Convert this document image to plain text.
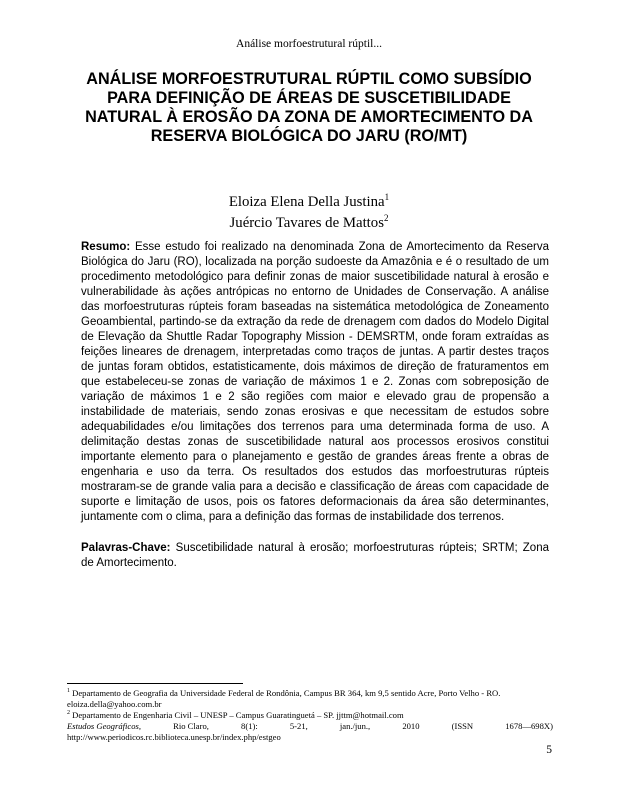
Análise morfoestrutural rúptil...
ANÁLISE MORFOESTRUTURAL RÚPTIL COMO SUBSÍDIO PARA DEFINIÇÃO DE ÁREAS DE SUSCETIBILIDADE NATURAL À EROSÃO DA ZONA DE AMORTECIMENTO DA RESERVA BIOLÓGICA DO JARU (RO/MT)
Eloiza Elena Della Justina$^1$
Juércio Tavares de Mattos$^2$
Resumo: Esse estudo foi realizado na denominada Zona de Amortecimento da Reserva Biológica do Jaru (RO), localizada na porção sudoeste da Amazônia e é o resultado de um procedimento metodológico para definir zonas de maior suscetibilidade natural à erosão e vulnerabilidade às ações antrópicas no entorno de Unidades de Conservação. A análise das morfoestruturas rúpteis foram baseadas na sistemática metodológica de Zoneamento Geoambiental, partindo-se da extração da rede de drenagem com dados do Modelo Digital de Elevação da Shuttle Radar Topography Mission - DEMSRTM, onde foram extraídas as feições lineares de drenagem, interpretadas como traços de juntas. A partir destes traços de juntas foram obtidos, estatisticamente, dois máximos de direção de fraturamentos em que estabeleceu-se zonas de variação de máximos 1 e 2. Zonas com sobreposição de variação de máximos 1 e 2 são regiões com maior e elevado grau de propensão a instabilidade de materiais, sendo zonas erosivas e que necessitam de estudos sobre adequabilidades e/ou limitações dos terrenos para uma determinada forma de uso. A delimitação destas zonas de suscetibilidade natural aos processos erosivos constitui importante elemento para o planejamento e gestão de grandes áreas frente a obras de engenharia e uso da terra. Os resultados dos estudos das morfoestruturas rúpteis mostraram-se de grande valia para a decisão e classificação de áreas com capacidade de suporte e limitação de usos, pois os fatores deformacionais da área são determinantes, juntamente com o clima, para a definição das formas de instabilidade dos terrenos.
Palavras-Chave: Suscetibilidade natural à erosão; morfoestruturas rúpteis; SRTM; Zona de Amortecimento.

$^1$ Departamento de Geografia da Universidade Federal de Rondônia, Campus BR 364, km 9,5 sentido Acre, Porto Velho - RO. eloiza.della@yahoo.com.br

$^2$ Departamento de Engenharia Civil – UNESP – Campus Guaratinguetá – SP. jjttm@hotmail.com

Estudos Geográficos,	Rio Claro,	8(1):	5-21,	jan./jun.,	2010	(ISSN	1678—698X)

http://www.periodicos.rc.biblioteca.unesp.br/index.php/estgeo

5
